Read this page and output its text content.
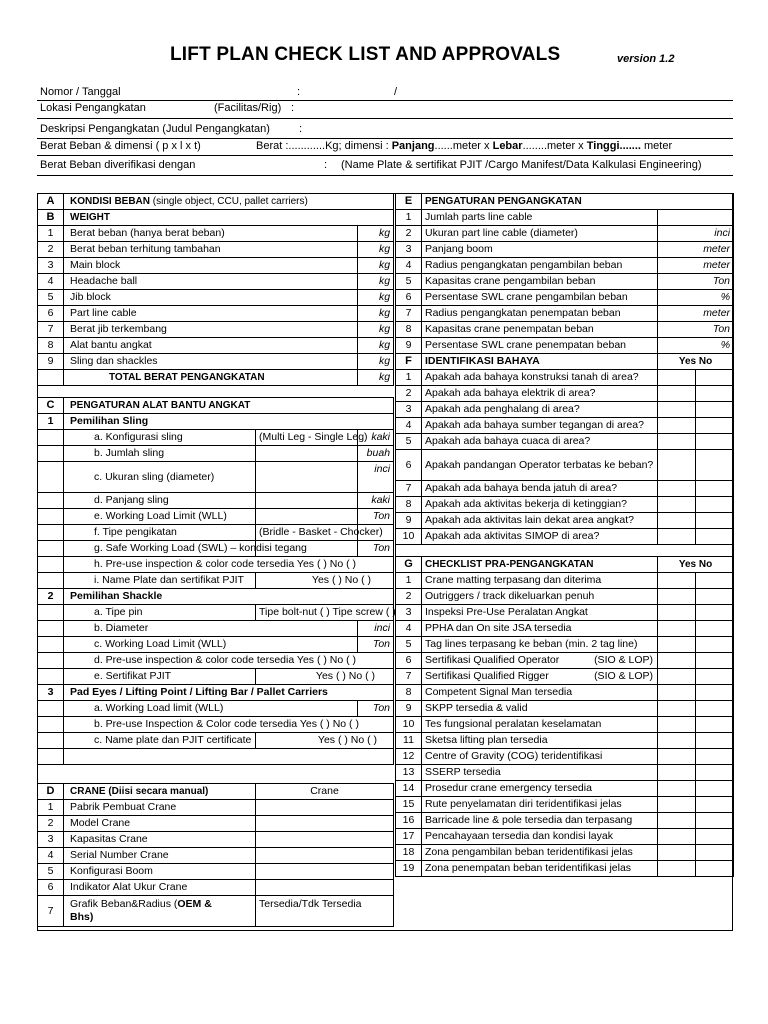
LIFT PLAN CHECK LIST AND APPROVALS	version 1.2
Nomor / Tanggal	:	/
Lokasi Pengangkatan	(Facilitas/Rig) :
Deskripsi Pengangkatan (Judul Pengangkatan)	:
Berat Beban & dimensi ( p x l x t)	Berat :............Kg; dimensi : Panjang......meter x Lebar........meter x Tinggi....... meter
Berat Beban diverifikasi dengan	: (Name Plate & sertifikat PJIT /Cargo Manifest/Data Kalkulasi Engineering)
A	KONDISI BEBAN (single object, CCU, pallet carriers)		
B	WEIGHT		
1	Berat beban (hanya berat beban)		kg
2	Berat beban terhitung tambahan		kg
3	Main block		kg
4	Headache ball		kg
5	Jib block		kg
6	Part line cable		kg
7	Berat jib terkembang		kg
8	Alat bantu angkat		kg
9	Sling dan shackles		kg
	TOTAL BERAT PENGANGKATAN		kg

C	PENGATURAN ALAT BANTU ANGKAT		
1	Pemilihan Sling		
	a. Konfigurasi sling	(Multi Leg - Single Leg)	kaki
	b. Jumlah sling		buah
	c. Ukuran sling (diameter)		inci
	d. Panjang sling		kaki
	e. Working Load Limit (WLL)		Ton
	f. Tipe pengikatan	(Bridle - Basket - Chocker)	
	g. Safe Working Load (SWL) – kondisi tegang		Ton
	h. Pre-use inspection & color code tersedia Yes ( ) No ( )		
	i. Name Plate dan sertifikat PJIT	Yes ( ) No ( )	
2	Pemilihan Shackle		
	a. Tipe pin	Tipe bolt-nut ( ) Tipe screw ( )	
	b. Diameter		inci
	c. Working Load Limit (WLL)		Ton
	d. Pre-use inspection & color code tersedia Yes ( ) No ( )		
	e. Sertifikat PJIT	Yes ( ) No ( )	
3	Pad Eyes / Lifting Point / Lifting Bar / Pallet Carriers		
	a. Working Load limit (WLL)		Ton
	b. Pre-use Inspection & Color code tersedia Yes ( ) No ( )		
	c. Name plate dan PJIT certificate	Yes ( ) No ( )	

D	CRANE (Diisi secara manual)	Crane
1	Pabrik Pembuat Crane	
2	Model Crane	
3	Kapasitas Crane	
4	Serial Number Crane	
5	Konfigurasi Boom	
6	Indikator Alat Ukur Crane	
7	Grafik Beban&Radius (OEM &
Bhs)	Tersedia/Tdk Tersedia
E	PENGATURAN PENGANGKATAN		
1	Jumlah parts line cable		
2	Ukuran part line cable (diameter)	inci	
3	Panjang boom	meter	
4	Radius pengangkatan pengambilan beban	meter	
5	Kapasitas crane pengambilan beban	Ton	
6	Persentase SWL crane pengambilan beban	%	
7	Radius pengangkatan penempatan beban	meter	
8	Kapasitas crane penempatan beban	Ton	
9	Persentase SWL crane penempatan beban	%	
F	IDENTIFIKASI BAHAYA	Yes No	
1	Apakah ada bahaya konstruksi tanah di area?		
2	Apakah ada bahaya elektrik di area?		
3	Apakah ada penghalang di area?		
4	Apakah ada bahaya sumber tegangan di area?		
5	Apakah ada bahaya cuaca di area?		
6	Apakah pandangan Operator terbatas ke beban?		
7	Apakah ada bahaya benda jatuh di area?		
8	Apakah ada aktivitas bekerja di ketinggian?		
9	Apakah ada aktivitas lain dekat area angkat?		
10	Apakah ada aktivitas SIMOP di area?		

G	CHECKLIST PRA-PENGANGKATAN	Yes No	
1	Crane matting terpasang dan diterima		
2	Outriggers / track dikeluarkan penuh		
3	Inspeksi Pre-Use Peralatan Angkat		
4	PPHA dan On site JSA tersedia		
5	Tag lines terpasang ke beban (min. 2 tag line)		
6	Sertifikasi Qualified Operator (SIO & LOP)		

7	Sertifikasi Qualified Rigger (SIO & LOP)		

8	Competent Signal Man tersedia		
9	SKPP tersedia & valid		
10	Tes fungsional peralatan keselamatan		
11	Sketsa lifting plan tersedia		
12	Centre of Gravity (COG) teridentifikasi		
13	SSERP tersedia		
14	Prosedur crane emergency tersedia		
15	Rute penyelamatan diri teridentifikasi jelas		
16	Barricade line & pole tersedia dan terpasang		
17	Pencahayaan tersedia dan kondisi layak		
18	Zona pengambilan beban teridentifikasi jelas		
19	Zona penempatan beban teridentifikasi jelas		
